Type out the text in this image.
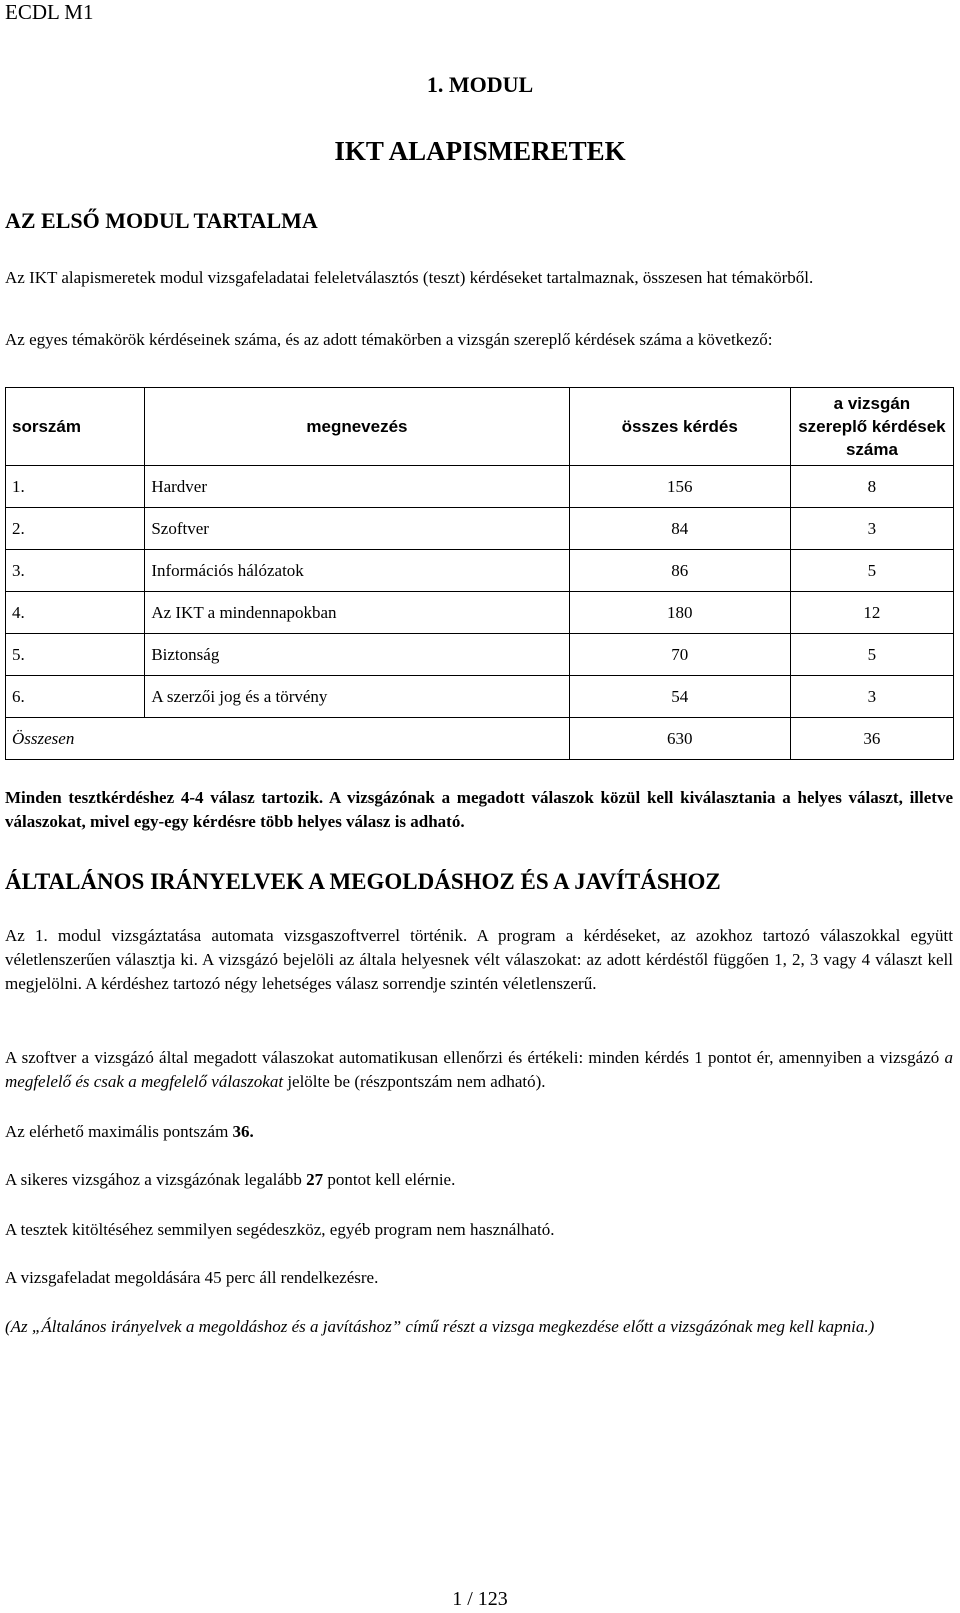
ECDL M1
1. MODUL
IKT ALAPISMERETEK
AZ ELSŐ MODUL TARTALMA
Az IKT alapismeretek modul vizsgafeladatai feleletválasztós (teszt) kérdéseket tartalmaznak, összesen hat témakörből.
Az egyes témakörök kérdéseinek száma, és az adott témakörben a vizsgán szereplő kérdések száma a következő:
sorszám	megnevezés	összes kérdés	a vizsgán szereplő kérdések száma
1.	Hardver	156	8
2.	Szoftver	84	3
3.	Információs hálózatok	86	5
4.	Az IKT a mindennapokban	180	12
5.	Biztonság	70	5
6.	A szerzői jog és a törvény	54	3
Összesen		630	36
Minden tesztkérdéshez 4-4 válasz tartozik. A vizsgázónak a megadott válaszok közül kell kiválasztania a helyes választ, illetve válaszokat, mivel egy-egy kérdésre több helyes válasz is adható.
ÁLTALÁNOS IRÁNYELVEK A MEGOLDÁSHOZ ÉS A JAVÍTÁSHOZ
Az 1. modul vizsgáztatása automata vizsgaszoftverrel történik. A program a kérdéseket, az azokhoz tartozó válaszokkal együtt véletlenszerűen választja ki. A vizsgázó bejelöli az általa helyesnek vélt válaszokat: az adott kérdéstől függően 1, 2, 3 vagy 4 választ kell megjelölni. A kérdéshez tartozó négy lehetséges válasz sorrendje szintén véletlenszerű.
A szoftver a vizsgázó által megadott válaszokat automatikusan ellenőrzi és értékeli: minden kérdés 1 pontot ér, amennyiben a vizsgázó a megfelelő és csak a megfelelő válaszokat jelölte be (részpontszám nem adható).
Az elérhető maximális pontszám 36.
A sikeres vizsgához a vizsgázónak legalább 27 pontot kell elérnie.
A tesztek kitöltéséhez semmilyen segédeszköz, egyéb program nem használható.
A vizsgafeladat megoldására 45 perc áll rendelkezésre.
(Az „Általános irányelvek a megoldáshoz és a javításhoz” című részt a vizsga megkezdése előtt a vizsgázónak meg kell kapnia.)
1 / 123
